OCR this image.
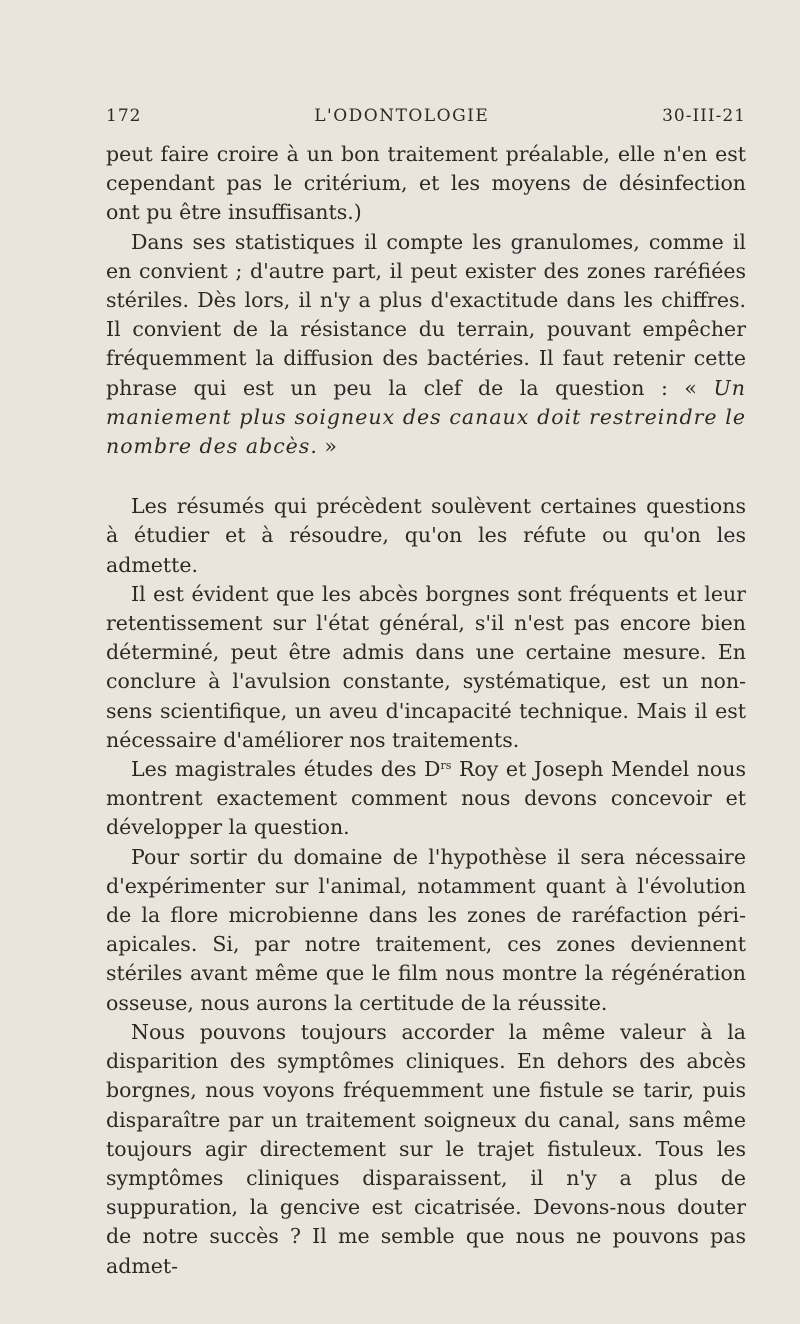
172	L'ODONTOLOGIE	30-III-21

peut faire croire à un bon traitement préalable, elle n'en est cependant pas le critérium, et les moyens de désinfection ont pu être insuffisants.)

Dans ses statistiques il compte les granulomes, comme il en convient ; d'autre part, il peut exister des zones raréfiées stériles. Dès lors, il n'y a plus d'exactitude dans les chiffres. Il convient de la résistance du terrain, pouvant empêcher fréquemment la diffusion des bactéries. Il faut retenir cette phrase qui est un peu la clef de la question : « Un maniement plus soigneux des canaux doit restreindre le nombre des abcès. »

Les résumés qui précèdent soulèvent certaines questions à étudier et à résoudre, qu'on les réfute ou qu'on les admette.

Il est évident que les abcès borgnes sont fréquents et leur retentissement sur l'état général, s'il n'est pas encore bien déterminé, peut être admis dans une certaine mesure. En conclure à l'avulsion constante, systématique, est un non-sens scientifique, un aveu d'incapacité technique. Mais il est nécessaire d'améliorer nos traitements.

Les magistrales études des $D^{rs}$ Roy et Joseph Mendel nous montrent exactement comment nous devons concevoir et développer la question.

Pour sortir du domaine de l'hypothèse il sera nécessaire d'expérimenter sur l'animal, notamment quant à l'évolution de la flore microbienne dans les zones de raréfaction péri-apicales. Si, par notre traitement, ces zones deviennent stériles avant même que le film nous montre la régénération osseuse, nous aurons la certitude de la réussite.

Nous pouvons toujours accorder la même valeur à la disparition des symptômes cliniques. En dehors des abcès borgnes, nous voyons fréquemment une fistule se tarir, puis disparaître par un traitement soigneux du canal, sans même toujours agir directement sur le trajet fistuleux. Tous les symptômes cliniques disparaissent, il n'y a plus de suppuration, la gencive est cicatrisée. Devons-nous douter de notre succès ? Il me semble que nous ne pouvons pas admet-
